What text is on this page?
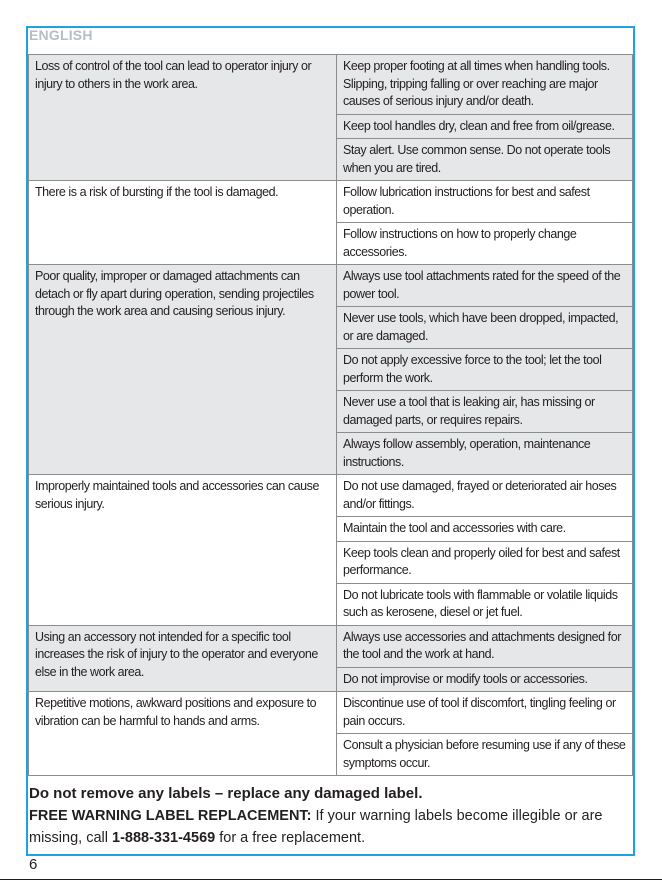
ENGLISH
Loss of control of the tool can lead to operator injury or injury to others in the work area.	Keep proper footing at all times when handling tools. Slipping, tripping falling or over reaching are major causes of serious injury and/or death.
	Keep tool handles dry, clean and free from oil/grease.
	Stay alert. Use common sense. Do not operate tools when you are tired.
There is a risk of bursting if the tool is damaged.	Follow lubrication instructions for best and safest operation.
	Follow instructions on how to properly change accessories.
Poor quality, improper or damaged attachments can detach or fly apart during operation, sending projectiles through the work area and causing serious injury.	Always use tool attachments rated for the speed of the power tool.
	Never use tools, which have been dropped, impacted, or are damaged.
	Do not apply excessive force to the tool; let the tool perform the work.
	Never use a tool that is leaking air, has missing or damaged parts, or requires repairs.
	Always follow assembly, operation, maintenance instructions.
Improperly maintained tools and accessories can cause serious injury.	Do not use damaged, frayed or deteriorated air hoses and/or fittings.
	Maintain the tool and accessories with care.
	Keep tools clean and properly oiled for best and safest performance.
	Do not lubricate tools with flammable or volatile liquids such as kerosene, diesel or jet fuel.
Using an accessory not intended for a specific tool increases the risk of injury to the operator and everyone else in the work area.	Always use accessories and attachments designed for the tool and the work at hand.
	Do not improvise or modify tools or accessories.
Repetitive motions, awkward positions and exposure to vibration can be harmful to hands and arms.	Discontinue use of tool if discomfort, tingling feeling or pain occurs.
	Consult a physician before resuming use if any of these symptoms occur.
Do not remove any labels – replace any damaged label.
FREE WARNING LABEL REPLACEMENT: If your warning labels become illegible or are missing, call 1-888-331-4569 for a free replacement.
6
